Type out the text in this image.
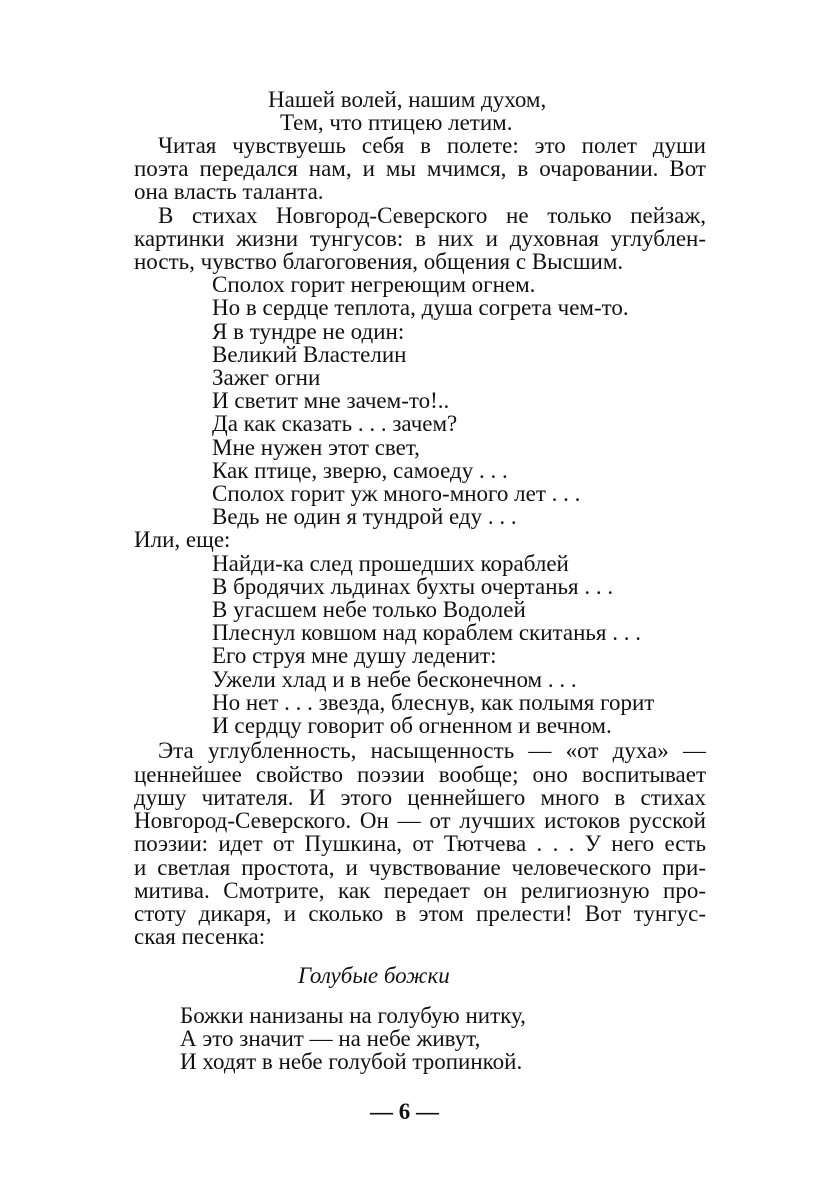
Нашей волей, нашим духом,
Тем, что птицею летим.
Читая чувствуешь себя в полете: это полет души
поэта передался нам, и мы мчимся, в очаровании. Вот
она власть таланта.
В стихах Новгород-Северского не только пейзаж,
картинки жизни тунгусов: в них и духовная углублен-
ность, чувство благоговения, общения с Высшим.
Сполох горит негреющим огнем.
Но в сердце теплота, душа согрета чем-то.
Я в тундре не один:
Великий Властелин
Зажег огни
И светит мне зачем-то!..
Да как сказать . . . зачем?
Мне нужен этот свет,
Как птице, зверю, самоеду . . .
Сполох горит уж много-много лет . . .
Ведь не один я тундрой еду . . .
Или, еще:
Найди-ка след прошедших кораблей
В бродячих льдинах бухты очертанья . . .
В угасшем небе только Водолей
Плеснул ковшом над кораблем скитанья . . .
Его струя мне душу леденит:
Ужели хлад и в небе бесконечном . . .
Но нет . . . звезда, блеснув, как полымя горит
И сердцу говорит об огненном и вечном.
Эта углубленность, насыщенность — «от духа» —
ценнейшее свойство поэзии вообще; оно воспитывает
душу читателя. И этого ценнейшего много в стихах
Новгород-Северского. Он — от лучших истоков русской
поэзии: идет от Пушкина, от Тютчева . . . У него есть
и светлая простота, и чувствование человеческого при-
митива. Смотрите, как передает он религиозную про-
стоту дикаря, и сколько в этом прелести! Вот тунгус-
ская песенка:
Голубые божки
Божки нанизаны на голубую нитку,
А это значит — на небе живут,
И ходят в небе голубой тропинкой.
— 6 —
